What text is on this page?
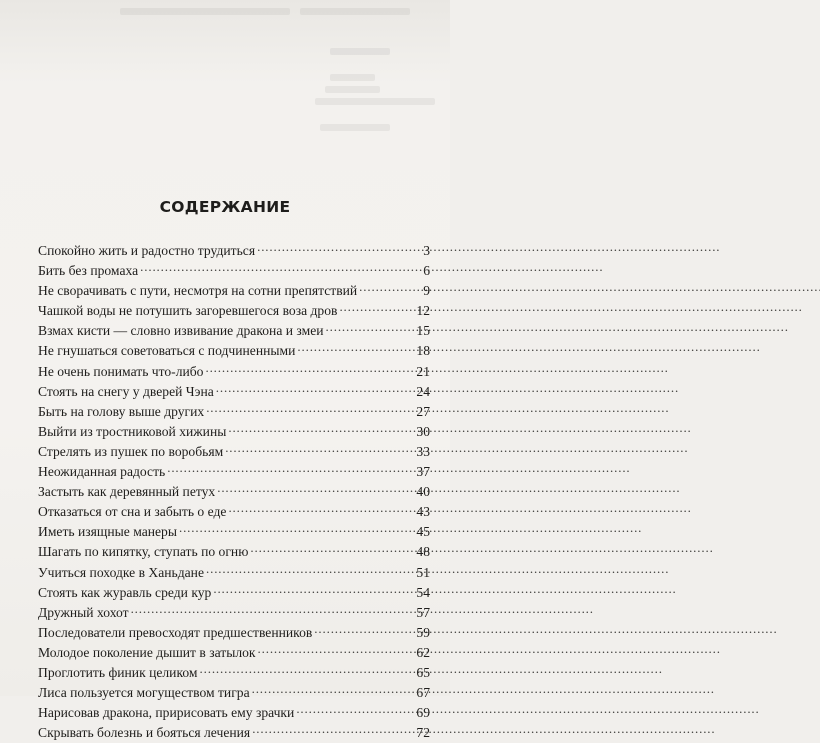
СОДЕРЖАНИЕ
Спокойно жить и радостно трудиться . . .	3
Бить без промаха . . .	6
Не сворачивать с пути, несмотря на сотни препятствий . . .	9
Чашкой воды не потушить загоревшегося воза дров . . .	12
Взмах кисти — словно извивание дракона и змеи . . .	15
Не гнушаться советоваться с подчиненными . . .	18
Не очень понимать что-либо . . .	21
Стоять на снегу у дверей Чэна . . .	24
Быть на голову выше других . . .	27
Выйти из тростниковой хижины . . .	30
Стрелять из пушек по воробьям . . .	33
Неожиданная радость . . .	37
Застыть как деревянный петух . . .	40
Отказаться от сна и забыть о еде . . .	43
Иметь изящные манеры . . .	45
Шагать по кипятку, ступать по огню . . .	48
Учиться походке в Ханьдане . . .	51
Стоять как журавль среди кур . . .	54
Дружный хохот . . .	57
Последователи превосходят предшественников . . .	59
Молодое поколение дышит в затылок . . .	62
Проглотить финик целиком . . .	65
Лиса пользуется могуществом тигра . . .	67
Нарисовав дракона, пририсовать ему зрачки . . .	69
Скрывать болезнь и бояться лечения . . .	72
